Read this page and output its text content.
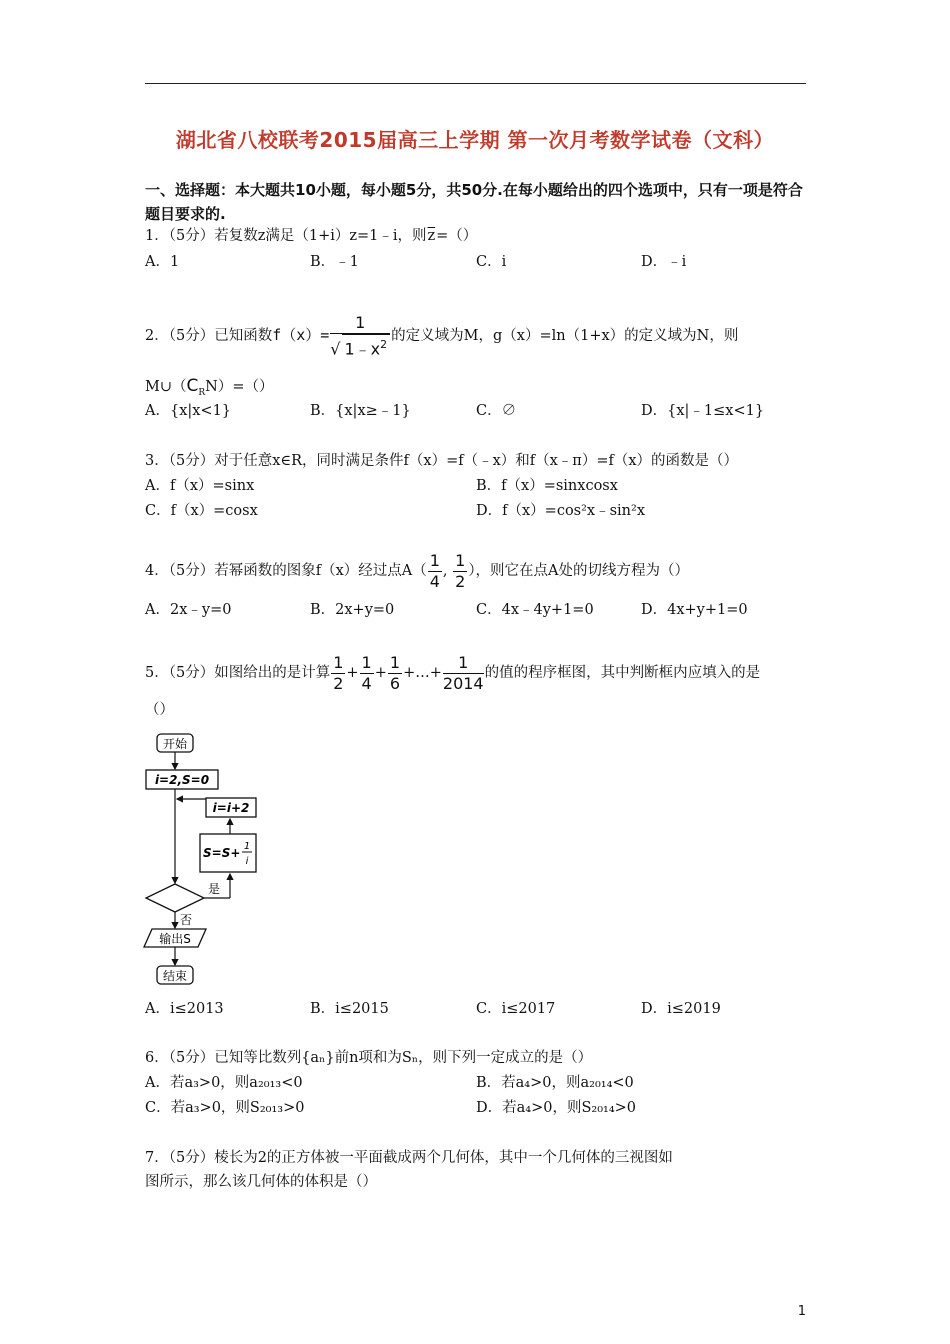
湖北省八校联考2015届高三上学期 第一次月考数学试卷（文科）
一、选择题：本大题共10小题，每小题5分，共50分.在每小题给出的四个选项中，只有一项是符合题目要求的.
1．（5分）若复数z满足（1+i）z=1﹣i，则$\overline{z}=()$
A．1	B．﹣1	C．i	D．﹣i
2．（5分）已知函数$f(x)= \frac{1}{√ 1﹣x^2}$ 的定义域为M，g（x）=ln（1+x）的定义域为N，则
$M\cup(C_RN)=()$
A．{x|x<1}	B．{x|x≥﹣1}	C．∅	D．{x|﹣1≤x<1}
3．（5分）对于任意x∈R，同时满足条件f（x）=f（﹣x）和f（x﹣π）=f（x）的函数是（）
A．f（x）=sinx	B．f（x）=sinxcosx
C．f（x）=cosx	D．f（x）=cos²x﹣sin²x
4．（5分）若幂函数的图象f（x）经过点$A( \frac{1}{4}$ , $\frac{1}{2}$ ），则它在点A处的切线方程为（）
A．2x﹣y=0	B．2x+y=0	C．4x﹣4y+1=0	D．4x+y+1=0
5．（5分）如图给出的是计算 $\frac{1}{2} + \frac{1}{4} + \frac{1}{6}$ +…+ $\frac{1}{2014}$ 的值的程序框图，其中判断框内应填入的是
（）
开始
i=2,S=0
i=i+2
S=S+ 1
i
是
否
输出S
结束
A．i≤2013	B．i≤2015	C．i≤2017	D．i≤2019
6．（5分）已知等比数列{aₙ}前n项和为Sₙ，则下列一定成立的是（）
A．若a₃>0，则a₂₀₁₃<0	B．若a₄>0，则a₂₀₁₄<0
C．若a₃>0，则S₂₀₁₃>0	D．若a₄>0，则S₂₀₁₄>0
7．（5分）棱长为2的正方体被一平面截成两个几何体，其中一个几何体的三视图如
图所示，那么该几何体的体积是（）
1
